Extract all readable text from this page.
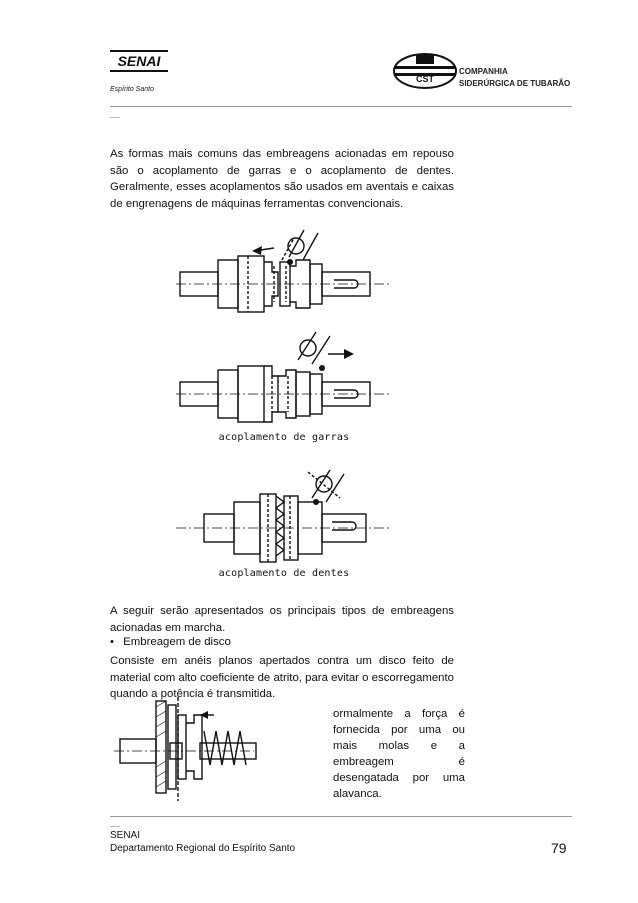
SENAI
Espírito Santo
CST
COMPANHIA
SIDERÚRGICA DE TUBARÃO
As formas mais comuns das embreagens acionadas em repouso são o acoplamento de garras e o acoplamento de dentes. Geralmente, esses acoplamentos são usados em aventais e caixas de engrenagens de máquinas ferramentas convencionais.
acoplamento de garras
acoplamento de dentes
A seguir serão apresentados os principais tipos de embreagens acionadas em marcha.
• Embreagem de disco
Consiste em anéis planos apertados contra um disco feito de material com alto coeficiente de atrito, para evitar o escorregamento quando a potência é transmitida.
ormalmente a força é
fornecida por uma ou
mais molas e a
embreagem é
desengatada por uma
alavanca.
SENAI
Departamento Regional do Espírito Santo	79
